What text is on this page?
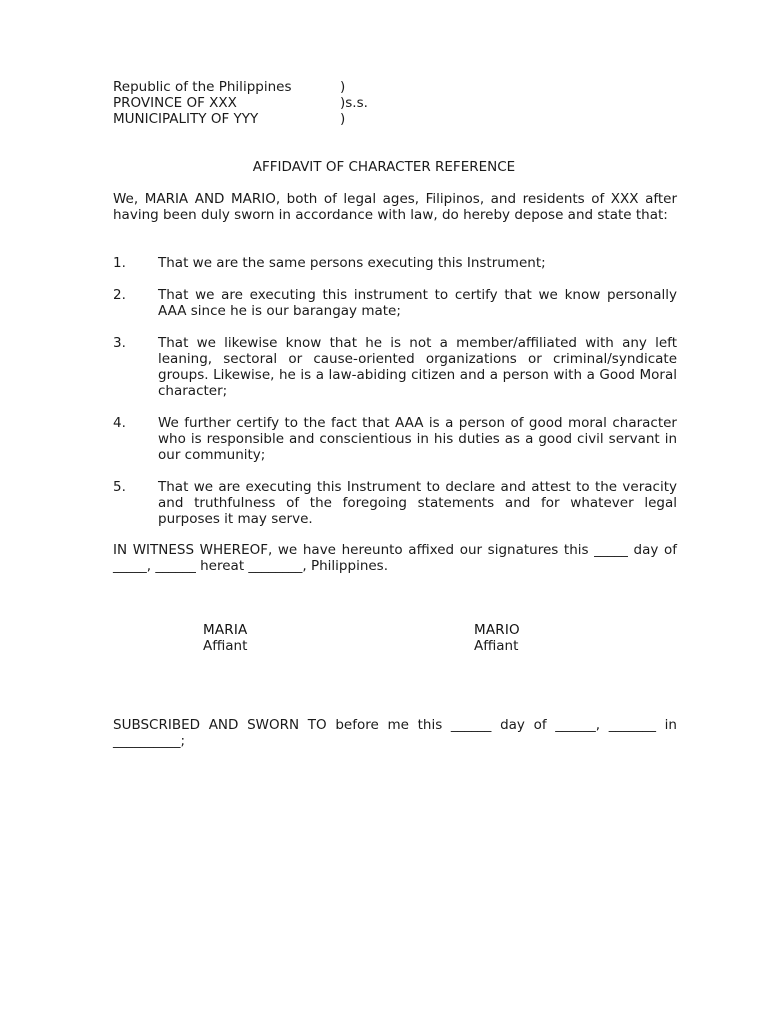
Republic of the Philippines	)
PROVINCE OF XXX	)s.s.
MUNICIPALITY OF YYY	)
AFFIDAVIT OF CHARACTER REFERENCE
We, MARIA AND MARIO, both of legal ages, Filipinos, and residents of XXX after having been duly sworn in accordance with law, do hereby depose and state that:
1. That we are the same persons executing this Instrument;
2. That we are executing this instrument to certify that we know personally AAA since he is our barangay mate;
3. That we likewise know that he is not a member/affiliated with any left leaning, sectoral or cause-oriented organizations or criminal/syndicate groups. Likewise, he is a law-abiding citizen and a person with a Good Moral character;
4. We further certify to the fact that AAA is a person of good moral character who is responsible and conscientious in his duties as a good civil servant in our community;
5. That we are executing this Instrument to declare and attest to the veracity and truthfulness of the foregoing statements and for whatever legal purposes it may serve.
IN WITNESS WHEREOF, we have hereunto affixed our signatures this _____ day of _____, ______ hereat ________, Philippines.
MARIA
Affiant
MARIO
Affiant
SUBSCRIBED AND SWORN TO before me this ______ day of ______, _______ in __________;
